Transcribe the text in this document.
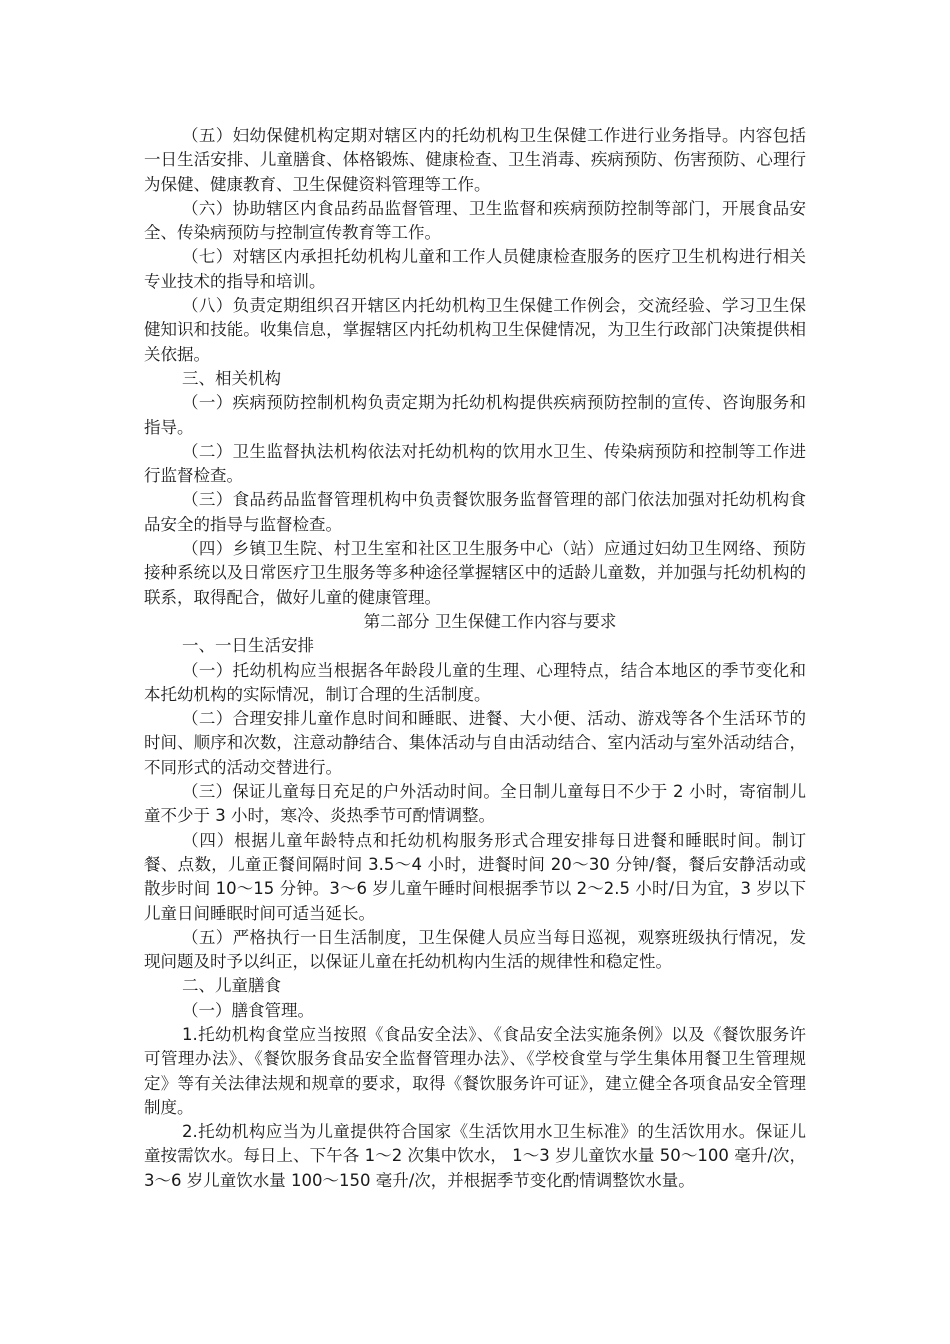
（五）妇幼保健机构定期对辖区内的托幼机构卫生保健工作进行业务指导。内容包括一日生活安排、儿童膳食、体格锻炼、健康检查、卫生消毒、疾病预防、伤害预防、心理行为保健、健康教育、卫生保健资料管理等工作。

（六）协助辖区内食品药品监督管理、卫生监督和疾病预防控制等部门，开展食品安全、传染病预防与控制宣传教育等工作。

（七）对辖区内承担托幼机构儿童和工作人员健康检查服务的医疗卫生机构进行相关专业技术的指导和培训。

（八）负责定期组织召开辖区内托幼机构卫生保健工作例会，交流经验、学习卫生保健知识和技能。收集信息，掌握辖区内托幼机构卫生保健情况，为卫生行政部门决策提供相关依据。

三、相关机构

（一）疾病预防控制机构负责定期为托幼机构提供疾病预防控制的宣传、咨询服务和指导。

（二）卫生监督执法机构依法对托幼机构的饮用水卫生、传染病预防和控制等工作进行监督检查。

（三）食品药品监督管理机构中负责餐饮服务监督管理的部门依法加强对托幼机构食品安全的指导与监督检查。

（四）乡镇卫生院、村卫生室和社区卫生服务中心（站）应通过妇幼卫生网络、预防接种系统以及日常医疗卫生服务等多种途径掌握辖区中的适龄儿童数，并加强与托幼机构的联系，取得配合，做好儿童的健康管理。

第二部分 卫生保健工作内容与要求

一、一日生活安排

（一）托幼机构应当根据各年龄段儿童的生理、心理特点，结合本地区的季节变化和本托幼机构的实际情况，制订合理的生活制度。

（二）合理安排儿童作息时间和睡眠、进餐、大小便、活动、游戏等各个生活环节的时间、顺序和次数，注意动静结合、集体活动与自由活动结合、室内活动与室外活动结合，不同形式的活动交替进行。

（三）保证儿童每日充足的户外活动时间。全日制儿童每日不少于 2 小时，寄宿制儿童不少于 3 小时，寒冷、炎热季节可酌情调整。

（四）根据儿童年龄特点和托幼机构服务形式合理安排每日进餐和睡眠时间。制订餐、点数，儿童正餐间隔时间 3.5～4 小时，进餐时间 20～30 分钟/餐，餐后安静活动或散步时间 10～15 分钟。3～6 岁儿童午睡时间根据季节以 2～2.5 小时/日为宜，3 岁以下儿童日间睡眠时间可适当延长。

（五）严格执行一日生活制度，卫生保健人员应当每日巡视，观察班级执行情况，发现问题及时予以纠正，以保证儿童在托幼机构内生活的规律性和稳定性。

二、儿童膳食

（一）膳食管理。

1.托幼机构食堂应当按照《食品安全法》、《食品安全法实施条例》以及《餐饮服务许可管理办法》、《餐饮服务食品安全监督管理办法》、《学校食堂与学生集体用餐卫生管理规定》等有关法律法规和规章的要求，取得《餐饮服务许可证》，建立健全各项食品安全管理制度。

2.托幼机构应当为儿童提供符合国家《生活饮用水卫生标准》的生活饮用水。保证儿童按需饮水。每日上、下午各 1～2 次集中饮水， 1～3 岁儿童饮水量 50～100 毫升/次，3～6 岁儿童饮水量 100～150 毫升/次，并根据季节变化酌情调整饮水量。
